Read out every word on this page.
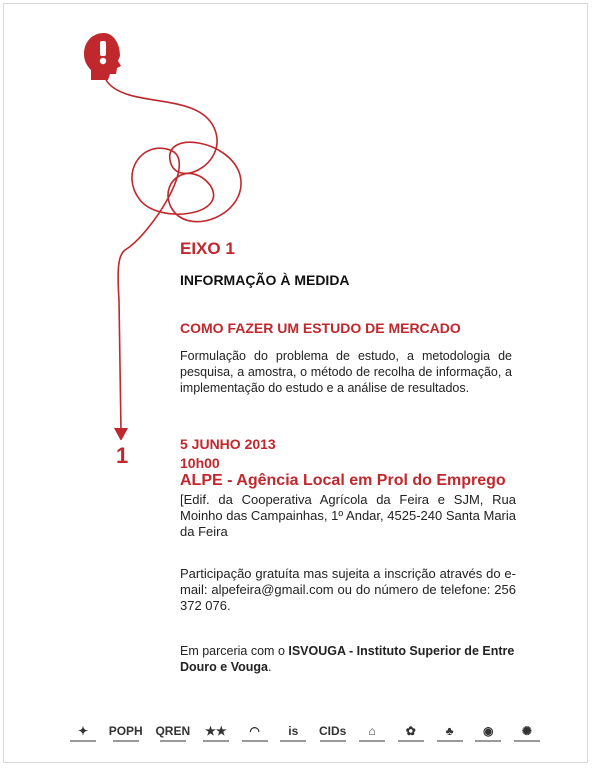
1
EIXO 1
INFORMAÇÃO À MEDIDA
COMO FAZER UM ESTUDO DE MERCADO
Formulação do problema de estudo, a metodologia de pesquisa, a amostra, o método de recolha de informação, a implementação do estudo e a análise de resultados.
5 JUNHO 2013
10h00
ALPE - Agência Local em Prol do Emprego
[Edif. da Cooperativa Agrícola da Feira e SJM, Rua Moinho das Campainhas, 1º Andar, 4525-240 Santa Maria da Feira
Participação gratuíta mas sujeita a inscrição através do e-mail: alpefeira@gmail.com ou do número de telefone: 256 372 076.
Em parceria com o ISVOUGA - Instituto Superior de Entre Douro e Vouga.
✦ POPH QREN ★★ ◠ is CIDs ⌂	✿ ♣ ◉ ✺
